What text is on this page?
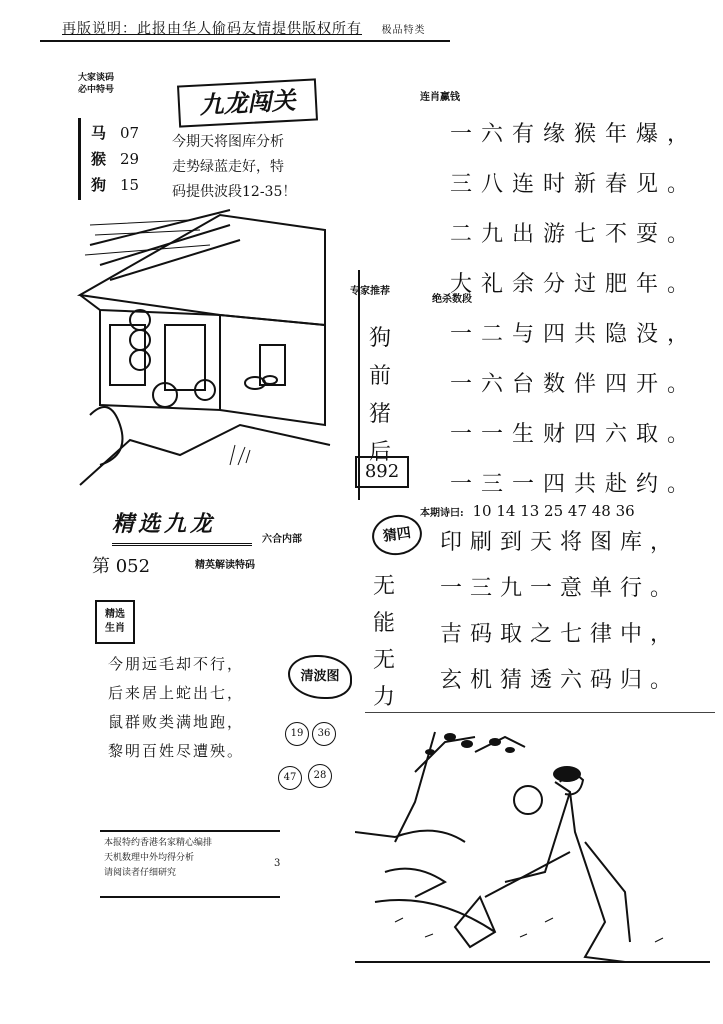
再版说明：此报由华人偷码友情提供版权所有 极品特类
大家谈码
必中特号
马 07
猴 29
狗 15
九龙闯关
今期天将图库分析
走势绿蓝走好，特
码提供波段12-35！
连肖赢钱
一六有缘猴年爆，
三八连时新春见。
二九出游七不耍。
大礼余分过肥年。
一二与四共隐没，
一六台数伴四开。
一一生财四六取。
一三一四共赴约。
绝杀数段
专家推荐
狗
前
猪
后
892
本期诗曰: 10 14 13 25 47 48 36
猜四	印刷到天将图库，
一三九一意单行。
吉码取之七律中，
玄机猜透六码归。
无
能
无
力
精选九龙
六合内部
第 052	精英解读特码
精选
生肖
今朋远毛却不行，
后来居上蛇出七，
鼠群败类满地跑，
黎明百姓尽遭殃。
清波图
19	36
47	28
本报特约香港名家精心编排
天机数理中外均得分析
请阅读者仔细研究
3
